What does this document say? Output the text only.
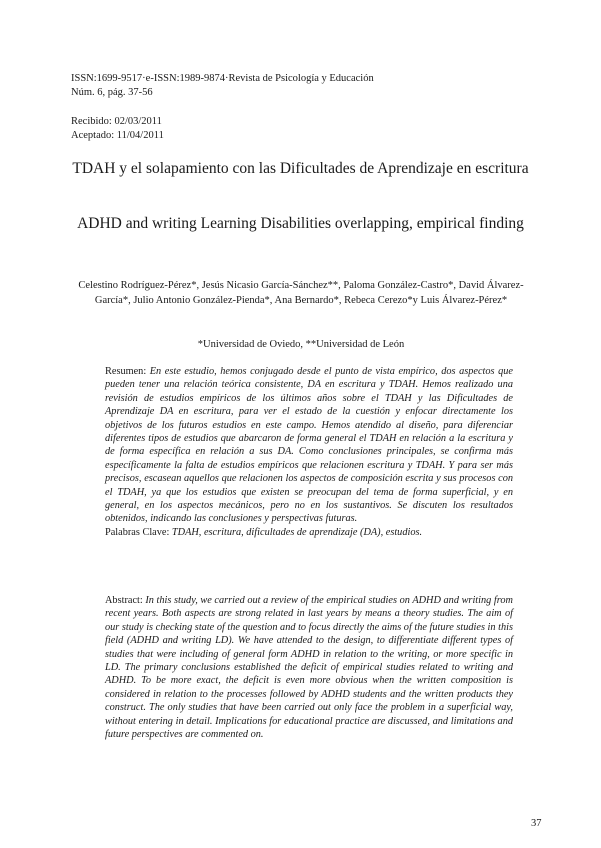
ISSN:1699-9517·e-ISSN:1989-9874·Revista de Psicología y Educación
Núm. 6, pág. 37-56
Recibido: 02/03/2011
Aceptado: 11/04/2011
TDAH y el solapamiento con las Dificultades de Aprendizaje en escritura
ADHD and writing Learning Disabilities overlapping, empirical finding
Celestino Rodríguez-Pérez*, Jesús Nicasio García-Sánchez**, Paloma González-Castro*, David Álvarez-García*, Julio Antonio González-Pienda*, Ana Bernardo*, Rebeca Cerezo*y Luis Álvarez-Pérez*
*Universidad de Oviedo, **Universidad de León
Resumen: En este estudio, hemos conjugado desde el punto de vista empírico, dos aspectos que pueden tener una relación teórica consistente, DA en escritura y TDAH. Hemos realizado una revisión de estudios empíricos de los últimos años sobre el TDAH y las Dificultades de Aprendizaje DA en escritura, para ver el estado de la cuestión y enfocar directamente los objetivos de los futuros estudios en este campo. Hemos atendido al diseño, para diferenciar diferentes tipos de estudios que abarcaron de forma general el TDAH en relación a la escritura y de forma específica en relación a sus DA. Como conclusiones principales, se confirma más específicamente la falta de estudios empíricos que relacionen escritura y TDAH. Y para ser más precisos, escasean aquellos que relacionen los aspectos de composición escrita y sus procesos con el TDAH, ya que los estudios que existen se preocupan del tema de forma superficial, y en general, en los aspectos mecánicos, pero no en los sustantivos. Se discuten los resultados obtenidos, indicando las conclusiones y perspectivas futuras.
Palabras Clave: TDAH, escritura, dificultades de aprendizaje (DA), estudios.
Abstract: In this study, we carried out a review of the empirical studies on ADHD and writing from recent years. Both aspects are strong related in last years by means a theory studies. The aim of our study is checking state of the question and to focus directly the aims of the future studies in this field (ADHD and writing LD). We have attended to the design, to differentiate different types of studies that were including of general form ADHD in relation to the writing, or more specific in LD. The primary conclusions established the deficit of empirical studies related to writing and ADHD. To be more exact, the deficit is even more obvious when the written composition is considered in relation to the processes followed by ADHD students and the written products they construct. The only studies that have been carried out only face the problem in a superficial way, without entering in detail. Implications for educational practice are discussed, and limitations and future perspectives are commented on.
37
